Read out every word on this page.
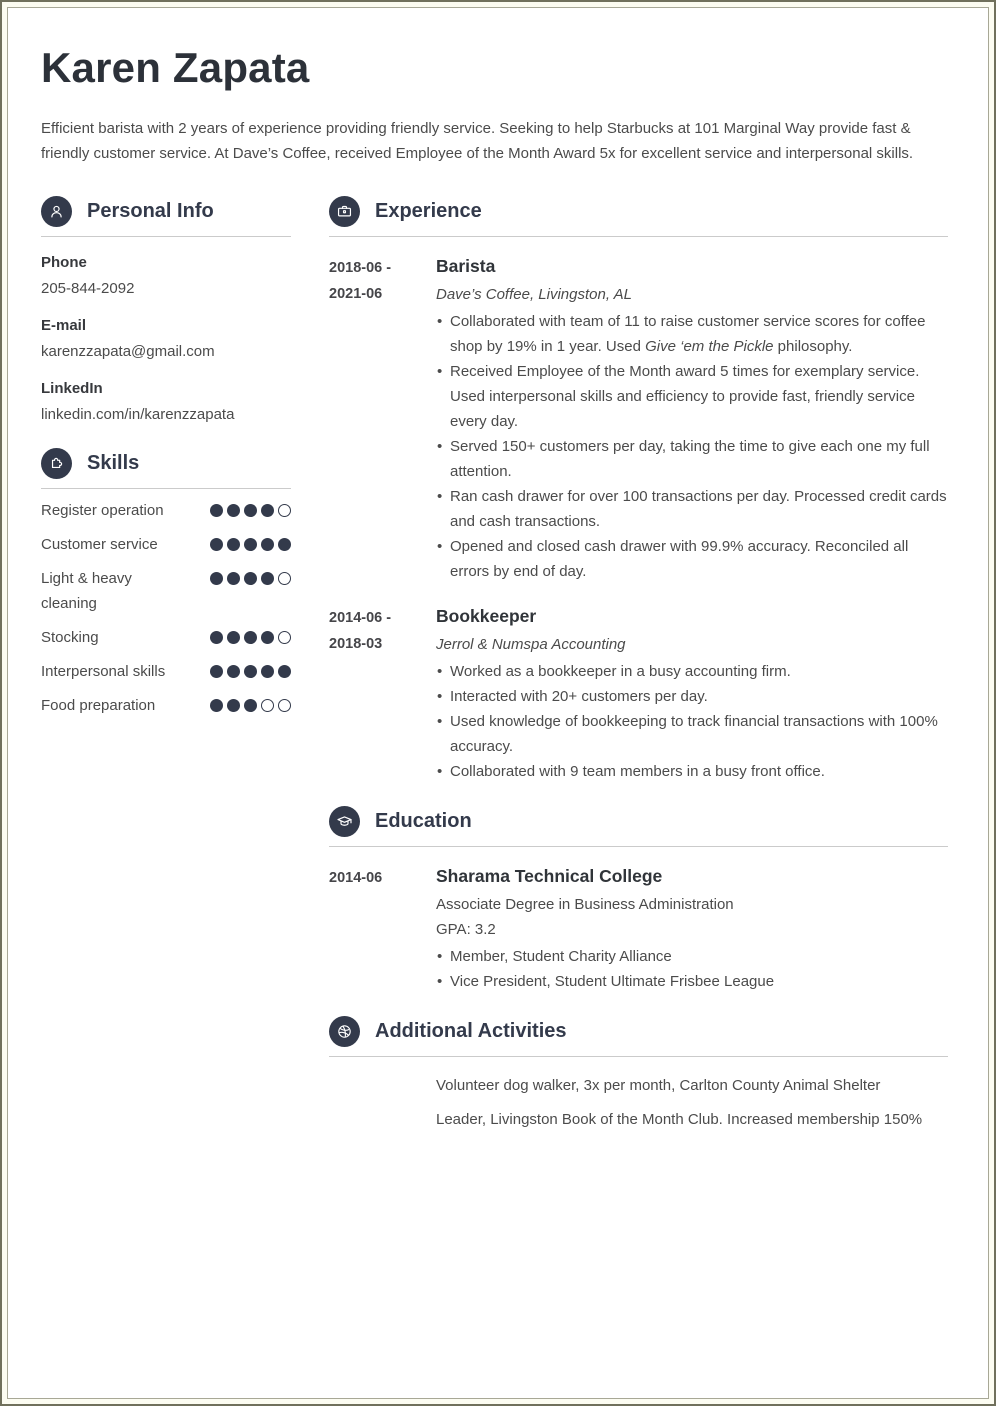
Karen Zapata
Efficient barista with 2 years of experience providing friendly service. Seeking to help Starbucks at 101 Marginal Way provide fast & friendly customer service. At Dave’s Coffee, received Employee of the Month Award 5x for excellent service and interpersonal skills.
Personal Info
Phone
205-844-2092
E-mail
karenzzapata@gmail.com
LinkedIn
linkedin.com/in/karenzzapata
Skills
Register operation
Customer service
Light & heavy cleaning
Stocking
Interpersonal skills
Food preparation
Experience
2018-06 -
2021-06
Barista
Dave’s Coffee, Livingston, AL
• Collaborated with team of 11 to raise customer service scores for coffee shop by 19% in 1 year. Used Give ‘em the Pickle philosophy.
• Received Employee of the Month award 5 times for exemplary service. Used interpersonal skills and efficiency to provide fast, friendly service every day.
• Served 150+ customers per day, taking the time to give each one my full attention.
• Ran cash drawer for over 100 transactions per day. Processed credit cards and cash transactions.
• Opened and closed cash drawer with 99.9% accuracy. Reconciled all errors by end of day.
2014-06 -
2018-03
Bookkeeper
Jerrol & Numspa Accounting
• Worked as a bookkeeper in a busy accounting firm.
• Interacted with 20+ customers per day.
• Used knowledge of bookkeeping to track financial transactions with 100% accuracy.
• Collaborated with 9 team members in a busy front office.
Education
2014-06	Sharama Technical College
Associate Degree in Business Administration
GPA: 3.2
• Member, Student Charity Alliance
• Vice President, Student Ultimate Frisbee League
Additional Activities
Volunteer dog walker, 3x per month, Carlton County Animal Shelter
Leader, Livingston Book of the Month Club. Increased membership 150%
